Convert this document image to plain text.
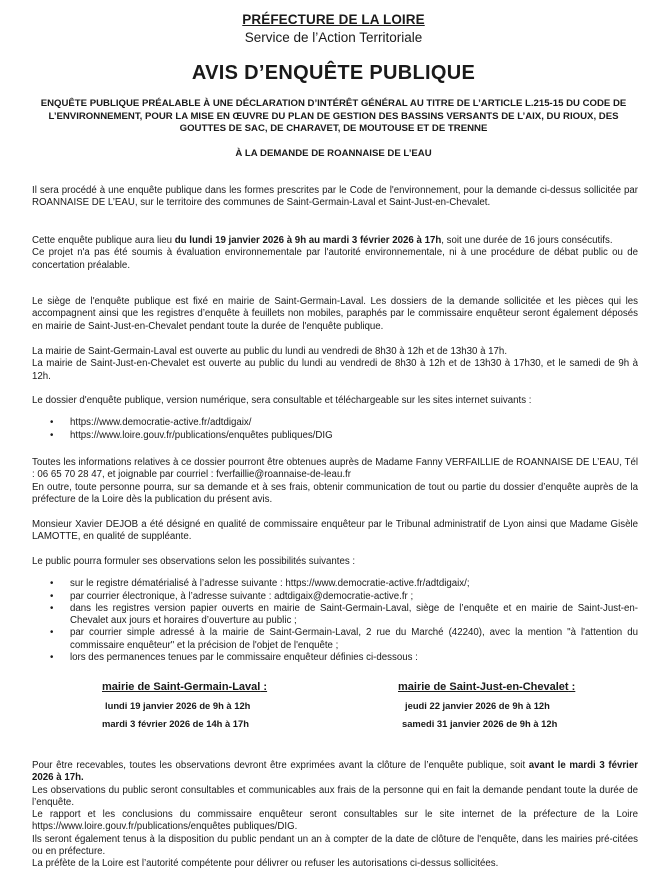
PRÉFECTURE DE LA LOIRE
Service de l’Action Territoriale
AVIS D’ENQUÊTE PUBLIQUE
ENQUÊTE PUBLIQUE PRÉALABLE À UNE DÉCLARATION D’INTÉRÊT GÉNÉRAL AU TITRE DE L’ARTICLE L.215-15 DU CODE DE L’ENVIRONNEMENT, POUR LA MISE EN ŒUVRE DU PLAN DE GESTION DES BASSINS VERSANTS DE L’AIX, DU RIOUX, DES GOUTTES DE SAC, DE CHARAVET, DE MOUTOUSE ET DE TRENNE
À LA DEMANDE DE ROANNAISE DE L’EAU

Il sera procédé à une enquête publique dans les formes prescrites par le Code de l'environnement, pour la demande ci-dessus sollicitée par ROANNAISE DE L’EAU, sur le territoire des communes de Saint-Germain-Laval et Saint-Just-en-Chevalet.

Cette enquête publique aura lieu du lundi 19 janvier 2026 à 9h au mardi 3 février 2026 à 17h, soit une durée de 16 jours consécutifs.

Ce projet n'a pas été soumis à évaluation environnementale par l'autorité environnementale, ni à une procédure de débat public ou de concertation préalable.

Le siège de l'enquête publique est fixé en mairie de Saint-Germain-Laval. Les dossiers de la demande sollicitée et les pièces qui les accompagnent ainsi que les registres d’enquête à feuillets non mobiles, paraphés par le commissaire enquêteur seront également déposés en mairie de Saint-Just-en-Chevalet pendant toute la durée de l'enquête publique.

La mairie de Saint-Germain-Laval est ouverte au public du lundi au vendredi de 8h30 à 12h et de 13h30 à 17h.

La mairie de Saint-Just-en-Chevalet est ouverte au public du lundi au vendredi de 8h30 à 12h et de 13h30 à 17h30, et le samedi de 9h à 12h.

Le dossier d'enquête publique, version numérique, sera consultable et téléchargeable sur les sites internet suivants :

• https://www.democratie-active.fr/adtdigaix/
• https://www.loire.gouv.fr/publications/enquêtes publiques/DIG

Toutes les informations relatives à ce dossier pourront être obtenues auprès de Madame Fanny VERFAILLIE de ROANNAISE DE L’EAU, Tél : 06 65 70 28 47, et joignable par courriel : fverfaillie@roannaise-de-leau.fr

En outre, toute personne pourra, sur sa demande et à ses frais, obtenir communication de tout ou partie du dossier d’enquête auprès de la préfecture de la Loire dès la publication du présent avis.

Monsieur Xavier DEJOB a été désigné en qualité de commissaire enquêteur par le Tribunal administratif de Lyon ainsi que Madame Gisèle LAMOTTE, en qualité de suppléante.

Le public pourra formuler ses observations selon les possibilités suivantes :

• sur le registre dématérialisé à l’adresse suivante : https://www.democratie-active.fr/adtdigaix/;
• par courrier électronique, à l’adresse suivante : adtdigaix@democratie-active.fr ;
• dans les registres version papier ouverts en mairie de Saint-Germain-Laval, siège de l’enquête et en mairie de Saint-Just-en-Chevalet aux jours et horaires d’ouverture au public ;
• par courrier simple adressé à la mairie de Saint-Germain-Laval, 2 rue du Marché (42240), avec la mention "à l'attention du commissaire enquêteur" et la précision de l'objet de l'enquête ;
• lors des permanences tenues par le commissaire enquêteur définies ci-dessous :
mairie de Saint-Germain-Laval :
lundi 19 janvier 2026 de 9h à 12h
mardi 3 février 2026 de 14h à 17h
mairie de Saint-Just-en-Chevalet :
jeudi 22 janvier 2026 de 9h à 12h
samedi 31 janvier 2026 de 9h à 12h

Pour être recevables, toutes les observations devront être exprimées avant la clôture de l’enquête publique, soit avant le mardi 3 février 2026 à 17h.

Les observations du public seront consultables et communicables aux frais de la personne qui en fait la demande pendant toute la durée de l’enquête.

Le rapport et les conclusions du commissaire enquêteur seront consultables sur le site internet de la préfecture de la Loire https://www.loire.gouv.fr/publications/enquêtes publiques/DIG.

Ils seront également tenus à la disposition du public pendant un an à compter de la date de clôture de l'enquête, dans les mairies pré-citées ou en préfecture.

La préfète de la Loire est l’autorité compétente pour délivrer ou refuser les autorisations ci-dessus sollicitées.
